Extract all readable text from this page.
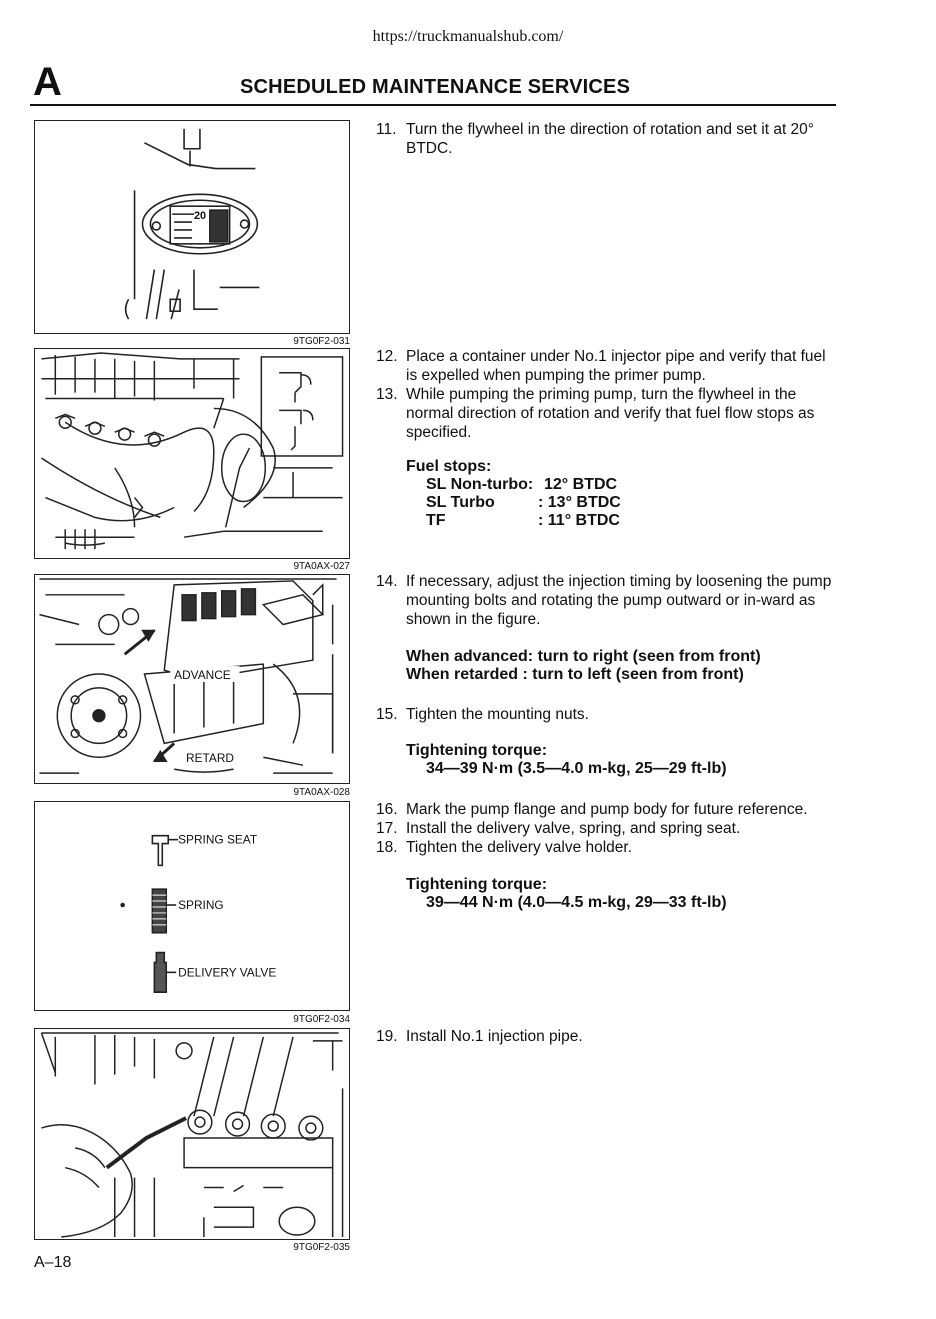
https://truckmanualshub.com/
A	SCHEDULED MAINTENANCE SERVICES
20
9TG0F2-031
9TA0AX-027
ADVANCE
RETARD
9TA0AX-028
SPRING SEAT
SPRING
DELIVERY VALVE
9TG0F2-034
9TG0F2-035
11. Turn the flywheel in the direction of rotation and set it at 20° BTDC.
12. Place a container under No.1 injector pipe and verify that fuel is expelled when pumping the primer pump.
13. While pumping the priming pump, turn the flywheel in the normal direction of rotation and verify that fuel flow stops as specified.
Fuel stops:
SL Non-turbo: 12° BTDC
SL Turbo	: 13° BTDC
TF	: 11° BTDC
14. If necessary, adjust the injection timing by loosening the pump mounting bolts and rotating the pump outward or in-ward as shown in the figure.
When advanced: turn to right (seen from front)
When retarded : turn to left (seen from front)
15. Tighten the mounting nuts.
Tightening torque:
34—39 N·m (3.5—4.0 m-kg, 25—29 ft-lb)
16. Mark the pump flange and pump body for future reference.
17. Install the delivery valve, spring, and spring seat.
18. Tighten the delivery valve holder.
Tightening torque:
39—44 N·m (4.0—4.5 m-kg, 29—33 ft-lb)
19. Install No.1 injection pipe.
A–18
